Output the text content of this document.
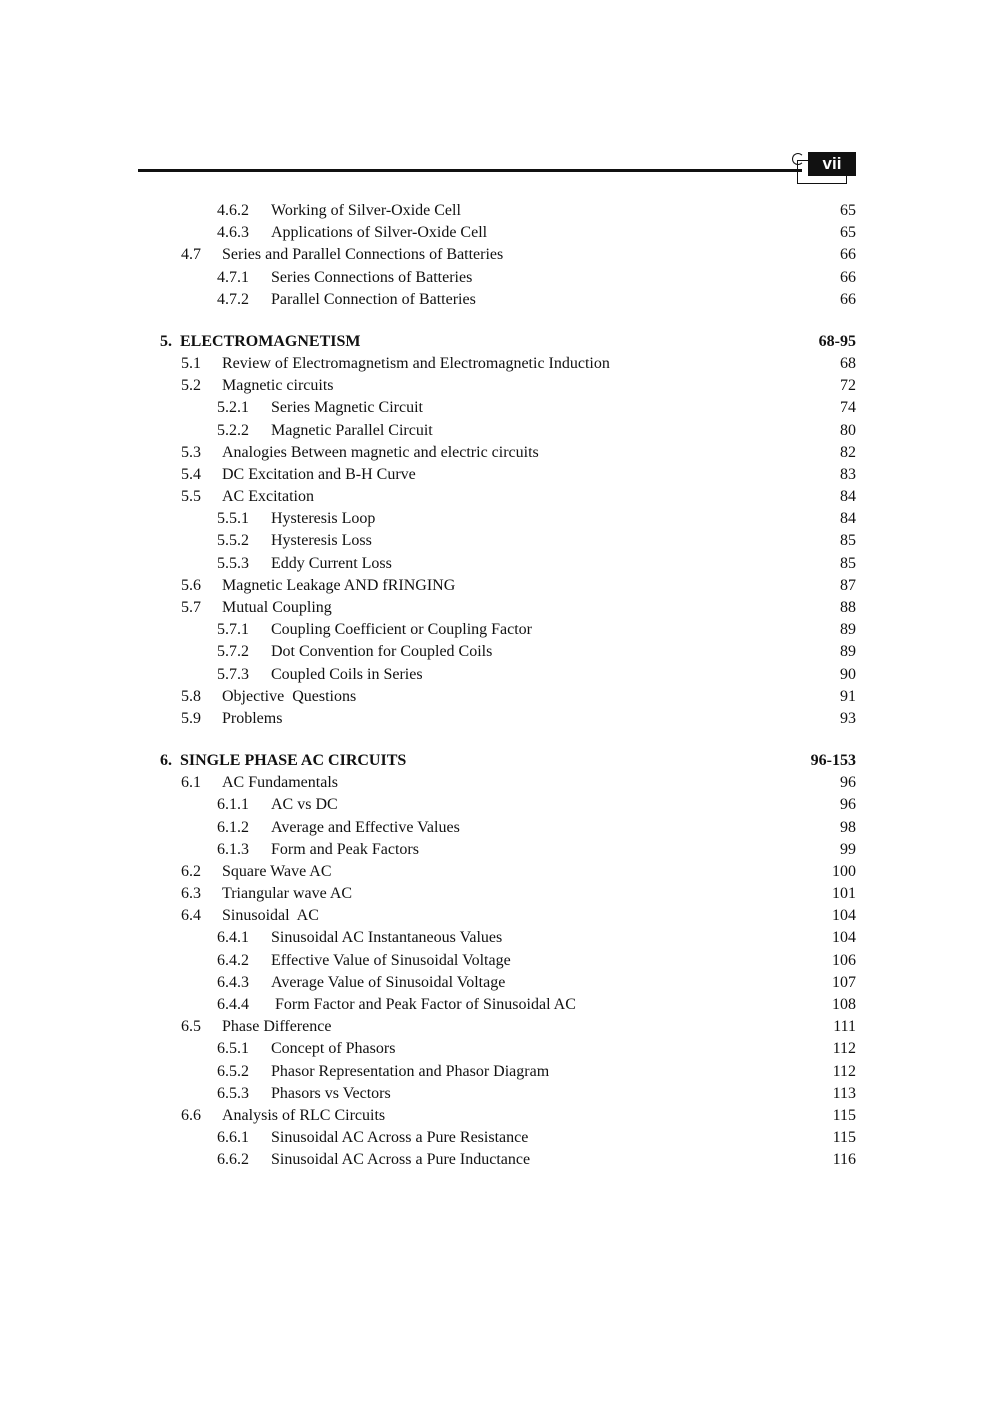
vii
4.6.2 Working of Silver-Oxide Cell	65
4.6.3 Applications of Silver-Oxide Cell	65
4.7 Series and Parallel Connections of Batteries	66
4.7.1 Series Connections of Batteries	66
4.7.2 Parallel Connection of Batteries	66
5. ELECTROMAGNETISM	68-95
5.1 Review of Electromagnetism and Electromagnetic Induction	68
5.2 Magnetic circuits	72
5.2.1 Series Magnetic Circuit	74
5.2.2 Magnetic Parallel Circuit	80
5.3 Analogies Between magnetic and electric circuits	82
5.4 DC Excitation and B-H Curve	83
5.5 AC Excitation	84
5.5.1 Hysteresis Loop	84
5.5.2 Hysteresis Loss	85
5.5.3 Eddy Current Loss	85
5.6 Magnetic Leakage AND fRINGING	87
5.7 Mutual Coupling	88
5.7.1 Coupling Coefficient or Coupling Factor	89
5.7.2 Dot Convention for Coupled Coils	89
5.7.3 Coupled Coils in Series	90
5.8 Objective  Questions	91
5.9 Problems	93
6. SINGLE PHASE AC CIRCUITS	96-153
6.1 AC Fundamentals	96
6.1.1 AC vs DC	96
6.1.2 Average and Effective Values	98
6.1.3 Form and Peak Factors	99
6.2 Square Wave AC	100
6.3 Triangular wave AC	101
6.4 Sinusoidal  AC	104
6.4.1 Sinusoidal AC Instantaneous Values	104
6.4.2 Effective Value of Sinusoidal Voltage	106
6.4.3 Average Value of Sinusoidal Voltage	107
6.4.4 Form Factor and Peak Factor of Sinusoidal AC	108
6.5 Phase Difference	111
6.5.1 Concept of Phasors	112
6.5.2 Phasor Representation and Phasor Diagram	112
6.5.3 Phasors vs Vectors	113
6.6 Analysis of RLC Circuits	115
6.6.1 Sinusoidal AC Across a Pure Resistance	115
6.6.2 Sinusoidal AC Across a Pure Inductance	116
